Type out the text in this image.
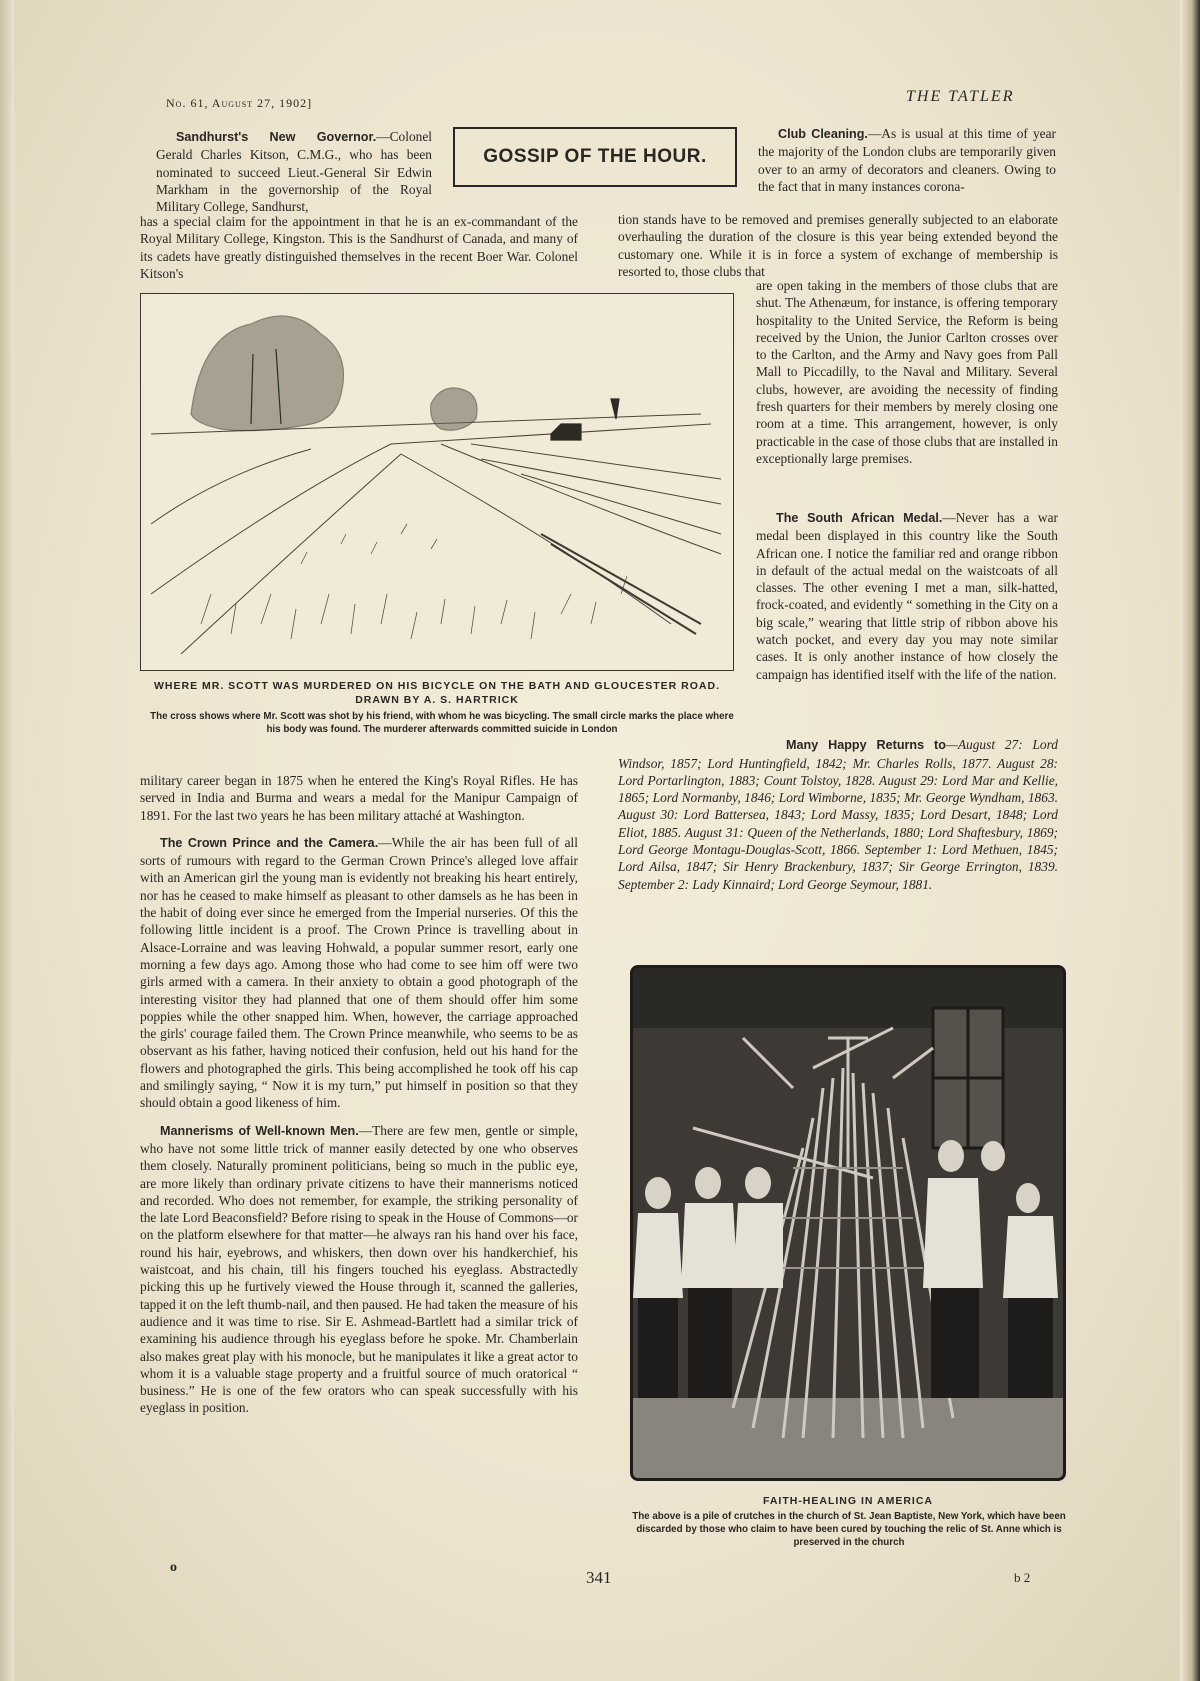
No. 61, August 27, 1902]	THE TATLER
GOSSIP OF THE HOUR.

Sandhurst's New Governor.—Colonel Gerald Charles Kitson, C.M.G., who has been nominated to succeed Lieut.-General Sir Edwin Markham in the governorship of the Royal Military College, Sandhurst,

has a special claim for the appointment in that he is an ex-commandant of the Royal Military College, Kingston. This is the Sandhurst of Canada, and many of its cadets have greatly distinguished themselves in the recent Boer War. Colonel Kitson's

Club Cleaning.—As is usual at this time of year the majority of the London clubs are temporarily given over to an army of decorators and cleaners. Owing to the fact that in many instances corona-

tion stands have to be removed and premises generally subjected to an elaborate overhauling the duration of the closure is this year being extended beyond the customary one. While it is in force a system of exchange of membership is resorted to, those clubs that

are open taking in the members of those clubs that are shut. The Athenæum, for instance, is offering temporary hospitality to the United Service, the Reform is being received by the Union, the Junior Carlton crosses over to the Carlton, and the Army and Navy goes from Pall Mall to Piccadilly, to the Naval and Military. Several clubs, however, are avoiding the necessity of finding fresh quarters for their members by merely closing one room at a time. This arrangement, however, is only practicable in the case of those clubs that are installed in exceptionally large premises.

The South African Medal.—Never has a war medal been displayed in this country like the South African one. I notice the familiar red and orange ribbon in default of the actual medal on the waistcoats of all classes. The other evening I met a man, silk-hatted, frock-coated, and evidently “ something in the City on a big scale,” wearing that little strip of ribbon above his watch pocket, and every day you may note similar cases. It is only another instance of how closely the campaign has identified itself with the life of the nation.

Many Happy Returns to—August 27: Lord Windsor, 1857; Lord Huntingfield, 1842; Mr. Charles Rolls, 1877. August 28: Lord Portarlington, 1883; Count Tolstoy, 1828. August 29: Lord Mar and Kellie, 1865; Lord Normanby, 1846; Lord Wimborne, 1835; Mr. George Wyndham, 1863. August 30: Lord Battersea, 1843; Lord Massy, 1835; Lord Desart, 1848; Lord Eliot, 1885. August 31: Queen of the Netherlands, 1880; Lord Shaftesbury, 1869; Lord George Montagu-Douglas-Scott, 1866. September 1: Lord Methuen, 1845; Lord Ailsa, 1847; Sir Henry Brackenbury, 1837; Sir George Errington, 1839. September 2: Lady Kinnaird; Lord George Seymour, 1881.

WHERE MR. SCOTT WAS MURDERED ON HIS BICYCLE ON THE BATH AND GLOUCESTER ROAD. DRAWN BY A. S. HARTRICK
The cross shows where Mr. Scott was shot by his friend, with whom he was bicycling. The small circle marks the place where his body was found. The murderer afterwards committed suicide in London

military career began in 1875 when he entered the King's Royal Rifles. He has served in India and Burma and wears a medal for the Manipur Campaign of 1891. For the last two years he has been military attaché at Washington.

The Crown Prince and the Camera.—While the air has been full of all sorts of rumours with regard to the German Crown Prince's alleged love affair with an American girl the young man is evidently not breaking his heart entirely, nor has he ceased to make himself as pleasant to other damsels as he has been in the habit of doing ever since he emerged from the Imperial nurseries. Of this the following little incident is a proof. The Crown Prince is travelling about in Alsace-Lorraine and was leaving Hohwald, a popular summer resort, early one morning a few days ago. Among those who had come to see him off were two girls armed with a camera. In their anxiety to obtain a good photograph of the interesting visitor they had planned that one of them should offer him some poppies while the other snapped him. When, however, the carriage approached the girls' courage failed them. The Crown Prince meanwhile, who seems to be as observant as his father, having noticed their confusion, held out his hand for the flowers and photographed the girls. This being accomplished he took off his cap and smilingly saying, “ Now it is my turn,” put himself in position so that they should obtain a good likeness of him.

Mannerisms of Well-known Men.—There are few men, gentle or simple, who have not some little trick of manner easily detected by one who observes them closely. Naturally prominent politicians, being so much in the public eye, are more likely than ordinary private citizens to have their mannerisms noticed and recorded. Who does not remember, for example, the striking personality of the late Lord Beaconsfield? Before rising to speak in the House of Commons—or on the platform elsewhere for that matter—he always ran his hand over his face, round his hair, eyebrows, and whiskers, then down over his handkerchief, his waistcoat, and his chain, till his fingers touched his eyeglass. Abstractedly picking this up he furtively viewed the House through it, scanned the galleries, tapped it on the left thumb-nail, and then paused. He had taken the measure of his audience and it was time to rise. Sir E. Ashmead-Bartlett had a similar trick of examining his audience through his eyeglass before he spoke. Mr. Chamberlain also makes great play with his monocle, but he manipulates it like a great actor to whom it is a valuable stage property and a fruitful source of much oratorical “ business.” He is one of the few orators who can speak successfully with his eyeglass in position.

FAITH-HEALING IN AMERICA
The above is a pile of crutches in the church of St. Jean Baptiste, New York, which have been discarded by those who claim to have been cured by touching the relic of St. Anne which is preserved in the church
o
341	b 2
